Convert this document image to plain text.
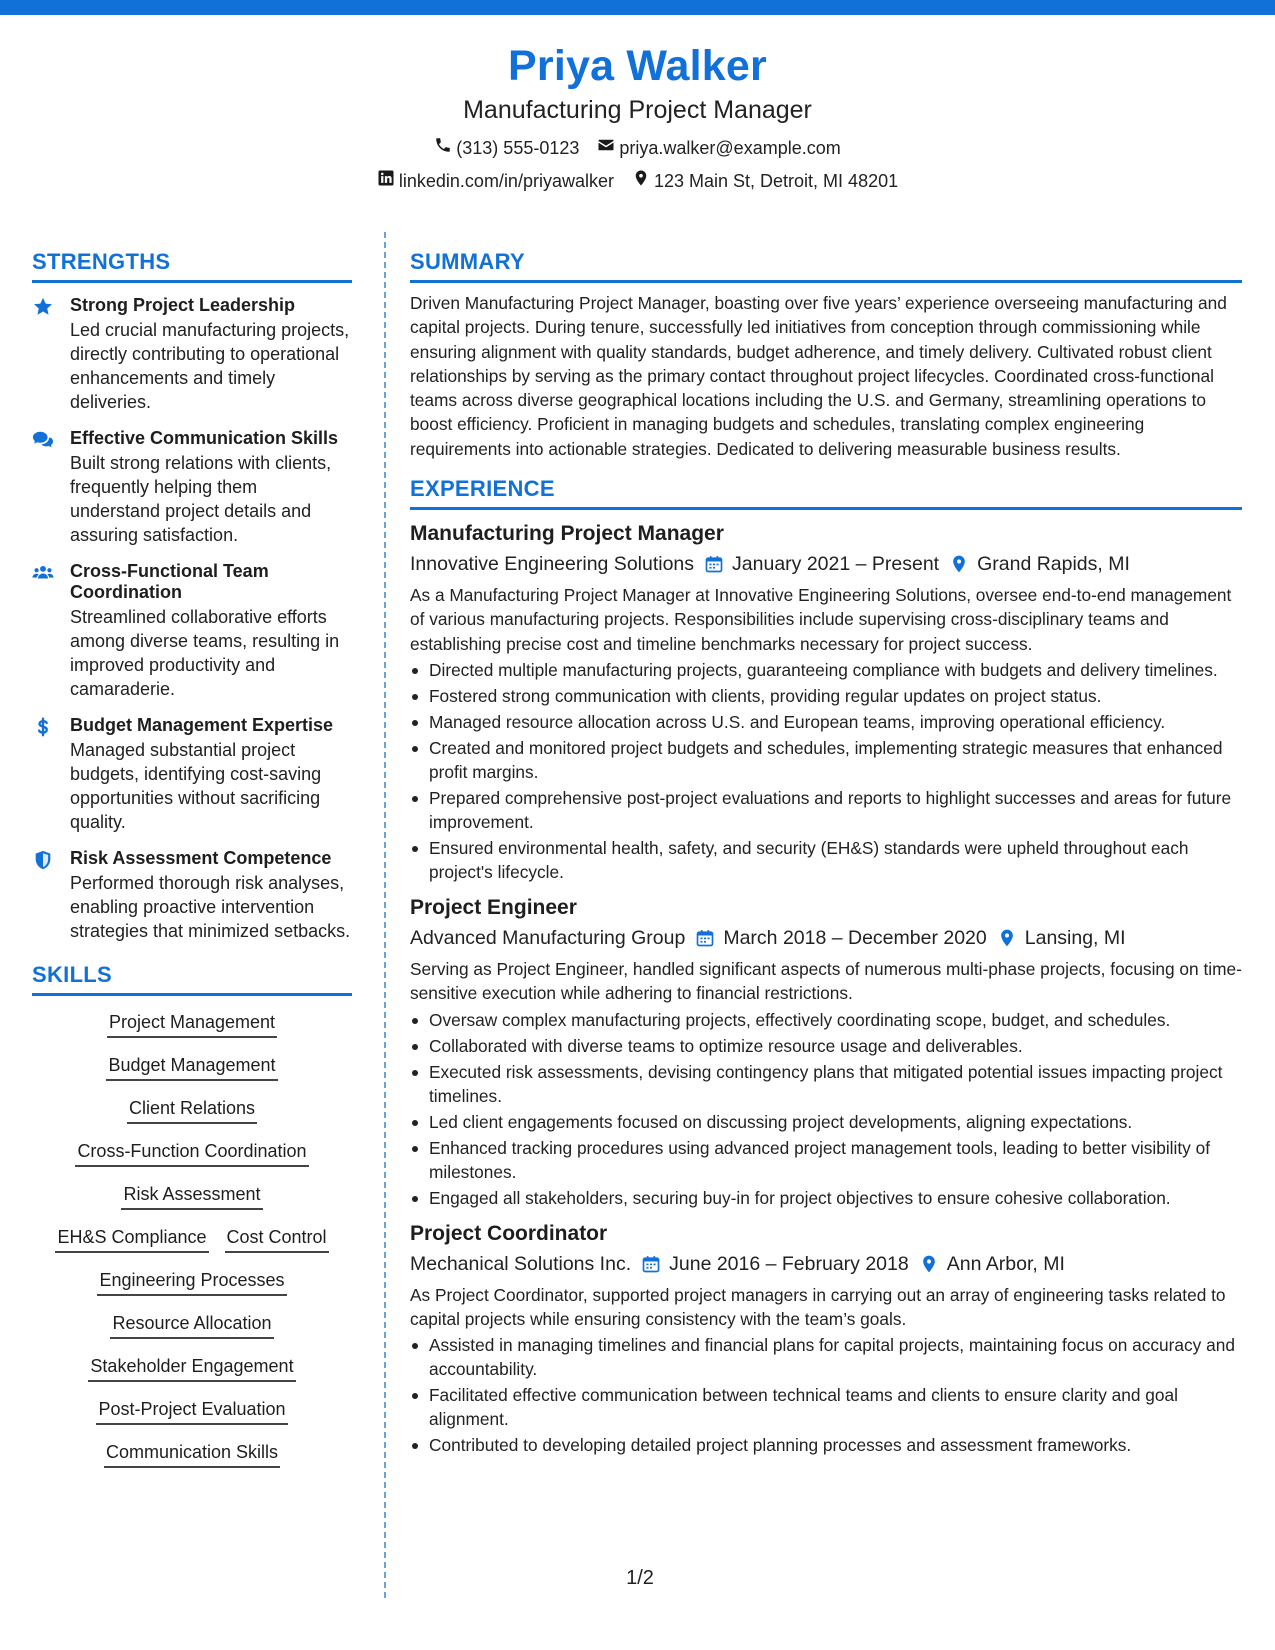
Priya Walker
Manufacturing Project Manager
(313) 555-0123 priya.walker@example.com
linkedin.com/in/priyawalker 123 Main St, Detroit, MI 48201
STRENGTHS
Strong Project Leadership
Led crucial manufacturing projects, directly contributing to operational enhancements and timely deliveries.
Effective Communication Skills
Built strong relations with clients, frequently helping them understand project details and assuring satisfaction.
Cross-Functional Team Coordination
Streamlined collaborative efforts among diverse teams, resulting in improved productivity and camaraderie.
Budget Management Expertise
Managed substantial project budgets, identifying cost-saving opportunities without sacrificing quality.
Risk Assessment Competence
Performed thorough risk analyses, enabling proactive intervention strategies that minimized setbacks.
SKILLS
Project Management
Budget Management
Client Relations
Cross-Function Coordination
Risk Assessment
EH&S Compliance Cost Control
Engineering Processes
Resource Allocation
Stakeholder Engagement
Post-Project Evaluation
Communication Skills
SUMMARY
Driven Manufacturing Project Manager, boasting over five years’ experience overseeing manufacturing and capital projects. During tenure, successfully led initiatives from conception through commissioning while ensuring alignment with quality standards, budget adherence, and timely delivery. Cultivated robust client relationships by serving as the primary contact throughout project lifecycles. Coordinated cross-functional teams across diverse geographical locations including the U.S. and Germany, streamlining operations to boost efficiency. Proficient in managing budgets and schedules, translating complex engineering requirements into actionable strategies. Dedicated to delivering measurable business results.
EXPERIENCE
Manufacturing Project Manager
Innovative Engineering Solutions January 2021 – Present Grand Rapids, MI
As a Manufacturing Project Manager at Innovative Engineering Solutions, oversee end-to-end management of various manufacturing projects. Responsibilities include supervising cross-disciplinary teams and establishing precise cost and timeline benchmarks necessary for project success.
Directed multiple manufacturing projects, guaranteeing compliance with budgets and delivery timelines.
Fostered strong communication with clients, providing regular updates on project status.
Managed resource allocation across U.S. and European teams, improving operational efficiency.
Created and monitored project budgets and schedules, implementing strategic measures that enhanced profit margins.
Prepared comprehensive post-project evaluations and reports to highlight successes and areas for future improvement.
Ensured environmental health, safety, and security (EH&S) standards were upheld throughout each project's lifecycle.
Project Engineer
Advanced Manufacturing Group March 2018 – December 2020 Lansing, MI
Serving as Project Engineer, handled significant aspects of numerous multi-phase projects, focusing on time-sensitive execution while adhering to financial restrictions.
Oversaw complex manufacturing projects, effectively coordinating scope, budget, and schedules.
Collaborated with diverse teams to optimize resource usage and deliverables.
Executed risk assessments, devising contingency plans that mitigated potential issues impacting project timelines.
Led client engagements focused on discussing project developments, aligning expectations.
Enhanced tracking procedures using advanced project management tools, leading to better visibility of milestones.
Engaged all stakeholders, securing buy-in for project objectives to ensure cohesive collaboration.
Project Coordinator
Mechanical Solutions Inc. June 2016 – February 2018 Ann Arbor, MI
As Project Coordinator, supported project managers in carrying out an array of engineering tasks related to capital projects while ensuring consistency with the team’s goals.
Assisted in managing timelines and financial plans for capital projects, maintaining focus on accuracy and accountability.
Facilitated effective communication between technical teams and clients to ensure clarity and goal alignment.
Contributed to developing detailed project planning processes and assessment frameworks.
1/2
